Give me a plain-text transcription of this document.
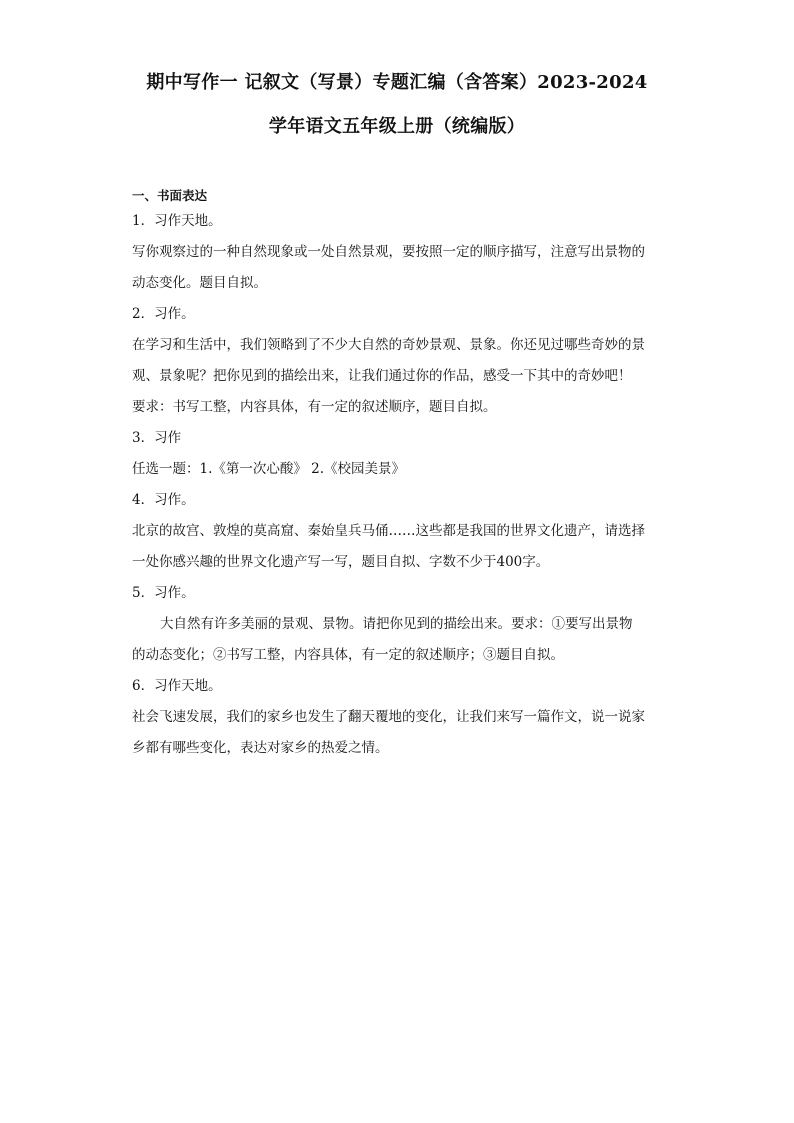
期中写作一 记叙文（写景）专题汇编（含答案）2023-2024
学年语文五年级上册（统编版）
一、书面表达
1．习作天地。
写你观察过的一种自然现象或一处自然景观，要按照一定的顺序描写，注意写出景物的
动态变化。题目自拟。
2．习作。
在学习和生活中，我们领略到了不少大自然的奇妙景观、景象。你还见过哪些奇妙的景
观、景象呢？把你见到的描绘出来，让我们通过你的作品，感受一下其中的奇妙吧！
要求：书写工整，内容具体，有一定的叙述顺序，题目自拟。
3．习作
任选一题：1.《第一次心酸》 2.《校园美景》
4．习作。
北京的故宫、敦煌的莫高窟、秦始皇兵马俑……这些都是我国的世界文化遗产，请选择
一处你感兴趣的世界文化遗产写一写，题目自拟、字数不少于400字。
5．习作。
大自然有许多美丽的景观、景物。请把你见到的描绘出来。要求：①要写出景物
的动态变化；②书写工整，内容具体，有一定的叙述顺序；③题目自拟。
6．习作天地。
社会飞速发展，我们的家乡也发生了翻天覆地的变化，让我们来写一篇作文，说一说家
乡都有哪些变化，表达对家乡的热爱之情。
